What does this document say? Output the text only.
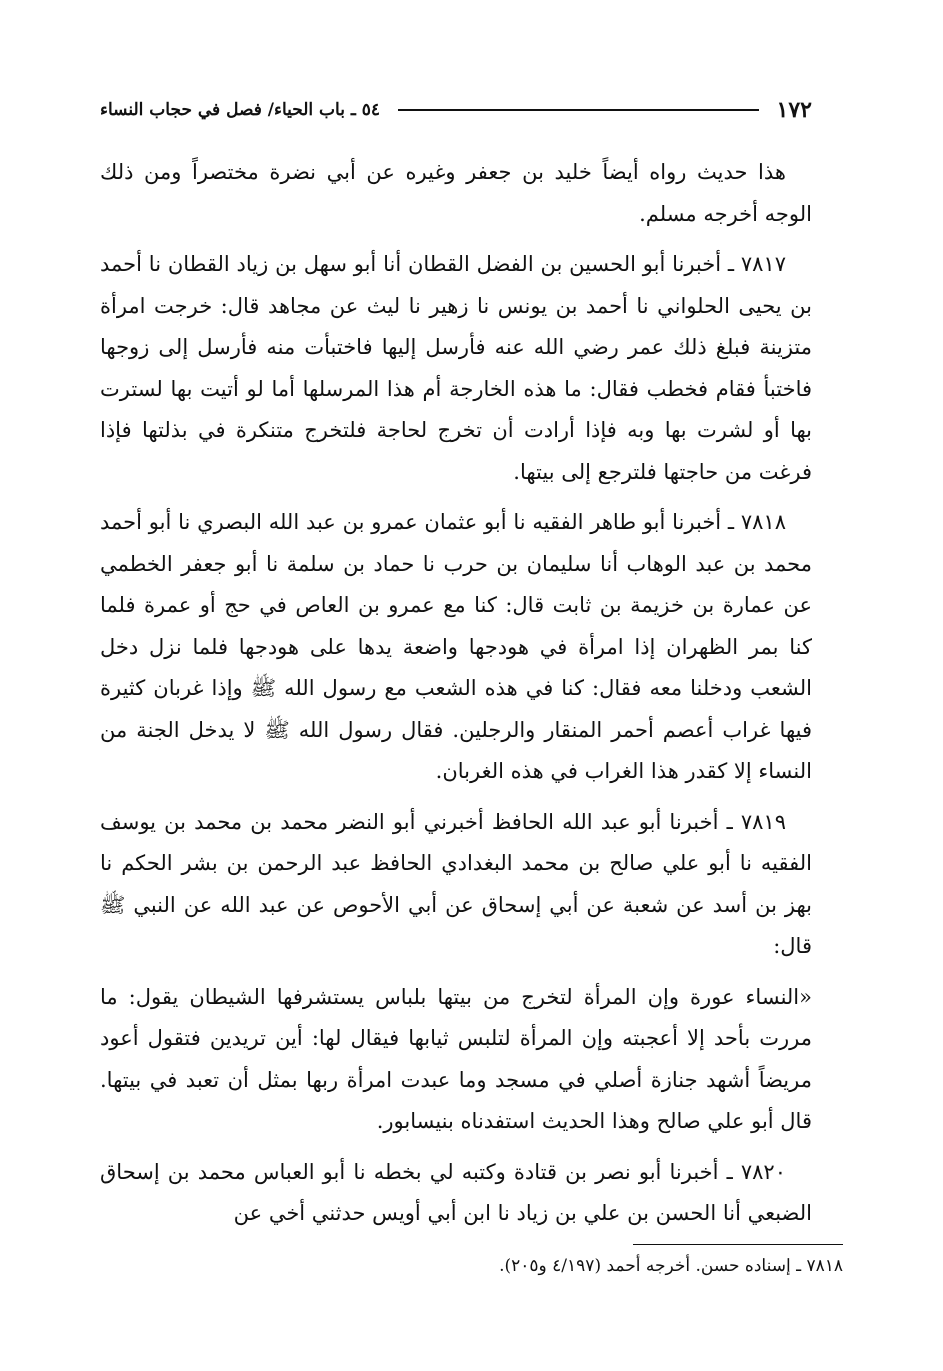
١٧٢
٥٤ ـ باب الحياء/ فصل في حجاب النساء

هذا حديث رواه أيضاً خليد بن جعفر وغيره عن أبي نضرة مختصراً ومن ذلك الوجه أخرجه مسلم.

٧٨١٧ ـ أخبرنا أبو الحسين بن الفضل القطان أنا أبو سهل بن زياد القطان نا أحمد بن يحيى الحلواني نا أحمد بن يونس نا زهير نا ليث عن مجاهد قال: خرجت امرأة متزينة فبلغ ذلك عمر رضي الله عنه فأرسل إليها فاختبأت منه فأرسل إلى زوجها فاختبأ فقام فخطب فقال: ما هذه الخارجة أم هذا المرسلها أما لو أتيت بها لسترت بها أو لشرت بها وبه فإذا أرادت أن تخرج لحاجة فلتخرج متنكرة في بذلتها فإذا فرغت من حاجتها فلترجع إلى بيتها.

٧٨١٨ ـ أخبرنا أبو طاهر الفقيه نا أبو عثمان عمرو بن عبد الله البصري نا أبو أحمد محمد بن عبد الوهاب أنا سليمان بن حرب نا حماد بن سلمة نا أبو جعفر الخطمي عن عمارة بن خزيمة بن ثابت قال: كنا مع عمرو بن العاص في حج أو عمرة فلما كنا بمر الظهران إذا امرأة في هودجها واضعة يدها على هودجها فلما نزل دخل الشعب ودخلنا معه فقال: كنا في هذه الشعب مع رسول الله ﷺ وإذا غربان كثيرة فيها غراب أعصم أحمر المنقار والرجلين. فقال رسول الله ﷺ لا يدخل الجنة من النساء إلا كقدر هذا الغراب في هذه الغربان.

٧٨١٩ ـ أخبرنا أبو عبد الله الحافظ أخبرني أبو النضر محمد بن محمد بن يوسف الفقيه نا أبو علي صالح بن محمد البغدادي الحافظ عبد الرحمن بن بشر الحكم نا بهز بن أسد عن شعبة عن أبي إسحاق عن أبي الأحوص عن عبد الله عن النبي ﷺ قال:

«النساء عورة وإن المرأة لتخرج من بيتها بلباس يستشرفها الشيطان يقول: ما مررت بأحد إلا أعجبته وإن المرأة لتلبس ثيابها فيقال لها: أين تريدين فتقول أعود مريضاً أشهد جنازة أصلي في مسجد وما عبدت امرأة ربها بمثل أن تعبد في بيتها. قال أبو علي صالح وهذا الحديث استفدناه بنيسابور.

٧٨٢٠ ـ أخبرنا أبو نصر بن قتادة وكتبه لي بخطه نا أبو العباس محمد بن إسحاق الضبعي أنا الحسن بن علي بن زياد نا ابن أبي أويس حدثني أخي عن

٧٨١٨ ـ إسناده حسن. أخرجه أحمد (٤/١٩٧ و٢٠٥).
